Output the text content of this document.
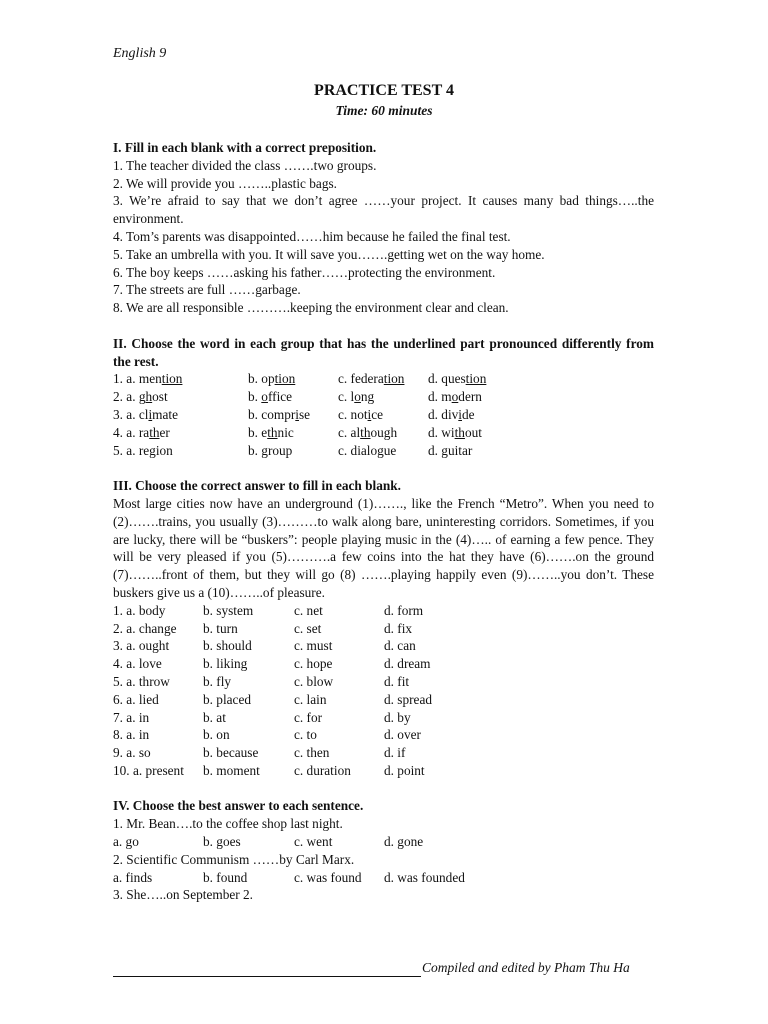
English 9
PRACTICE TEST 4
Time: 60 minutes

I. Fill in each blank with a correct preposition.

1. The teacher divided the class …….two groups.

2. We will provide you ……..plastic bags.

3. We’re afraid to say that we don’t agree ……your project. It causes many bad things…..the environment.

4. Tom’s parents was disappointed……him because he failed the final test.

5. Take an umbrella with you. It will save you…….getting wet on the way home.

6. The boy keeps ……asking his father……protecting the environment.

7. The streets are full ……garbage.

8. We are all responsible ……….keeping the environment clear and clean.

II. Choose the word in each group that has the underlined part pronounced differently from the rest.

1. a. mention	b. option	c. federation	d. question
2. a. ghost	b. office	c. long	d. modern
3. a. climate	b. comprise	c. notice	d. divide
4. a. rather	b. ethnic	c. although	d. without
5. a. region	b. group	c. dialogue	d. guitar

III. Choose the correct answer to fill in each blank.

Most large cities now have an underground (1)……., like the French “Metro”. When you need to (2)…….trains, you usually (3)………to walk along bare, uninteresting corridors. Sometimes, if you are lucky, there will be “buskers”: people playing music in the (4)….. of earning a few pence. They will be very pleased if you (5)……….a few coins into the hat they have (6)…….on the ground (7)……..front of them, but they will go (8) …….playing happily even (9)……..you don’t. These buskers give us a (10)……..of pleasure.

1. a. body	b. system	c. net	d. form
2. a. change	b. turn	c. set	d. fix
3. a. ought	b. should	c. must	d. can
4. a. love	b. liking	c. hope	d. dream
5. a. throw	b. fly	c. blow	d. fit
6. a. lied	b. placed	c. lain	d. spread
7. a. in	b. at	c. for	d. by
8. a. in	b. on	c. to	d. over
9. a. so	b. because	c. then	d. if
10. a. present	b. moment	c. duration	d. point

IV. Choose the best answer to each sentence.

1. Mr. Bean….to the coffee shop last night.

a. go	b. goes	c. went	d. gone

2. Scientific Communism ……by Carl Marx.

a. finds	b. found	c. was found	d. was founded

3. She…..on September 2.

Compiled and edited by Pham Thu Ha
